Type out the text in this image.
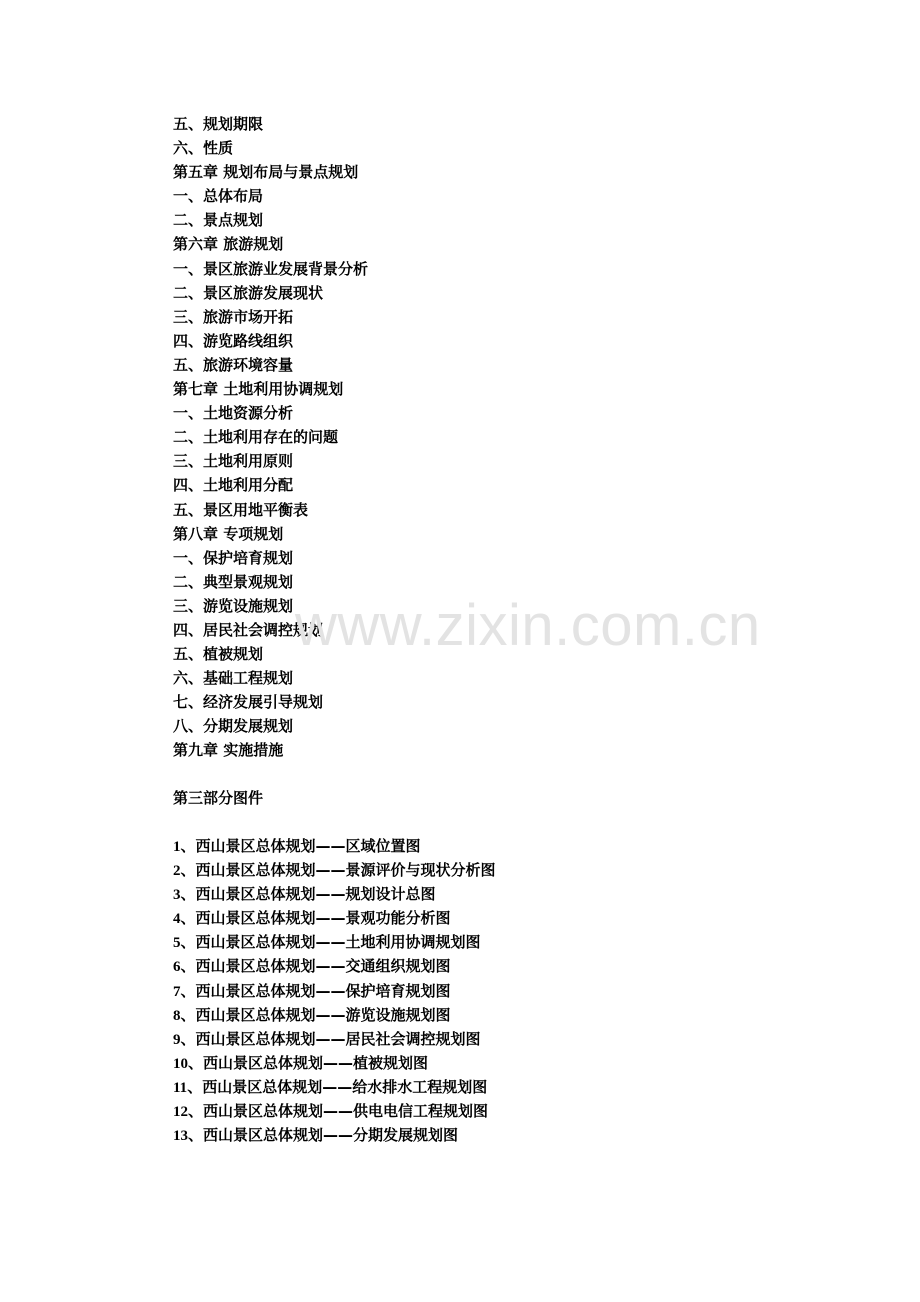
五、规划期限
六、性质
第五章 规划布局与景点规划
一、总体布局
二、景点规划
第六章 旅游规划
一、景区旅游业发展背景分析
二、景区旅游发展现状
三、旅游市场开拓
四、游览路线组织
五、旅游环境容量
第七章 土地利用协调规划
一、土地资源分析
二、土地利用存在的问题
三、土地利用原则
四、土地利用分配
五、景区用地平衡表
第八章 专项规划
一、保护培育规划
二、典型景观规划
三、游览设施规划
四、居民社会调控规划
五、植被规划
六、基础工程规划
七、经济发展引导规划
八、分期发展规划
第九章 实施措施
第三部分图件
1、西山景区总体规划——区域位置图
2、西山景区总体规划——景源评价与现状分析图
3、西山景区总体规划——规划设计总图
4、西山景区总体规划——景观功能分析图
5、西山景区总体规划——土地利用协调规划图
6、西山景区总体规划——交通组织规划图
7、西山景区总体规划——保护培育规划图
8、西山景区总体规划——游览设施规划图
9、西山景区总体规划——居民社会调控规划图
10、西山景区总体规划——植被规划图
11、西山景区总体规划——给水排水工程规划图
12、西山景区总体规划——供电电信工程规划图
13、西山景区总体规划——分期发展规划图
www.zixin.com.cn
